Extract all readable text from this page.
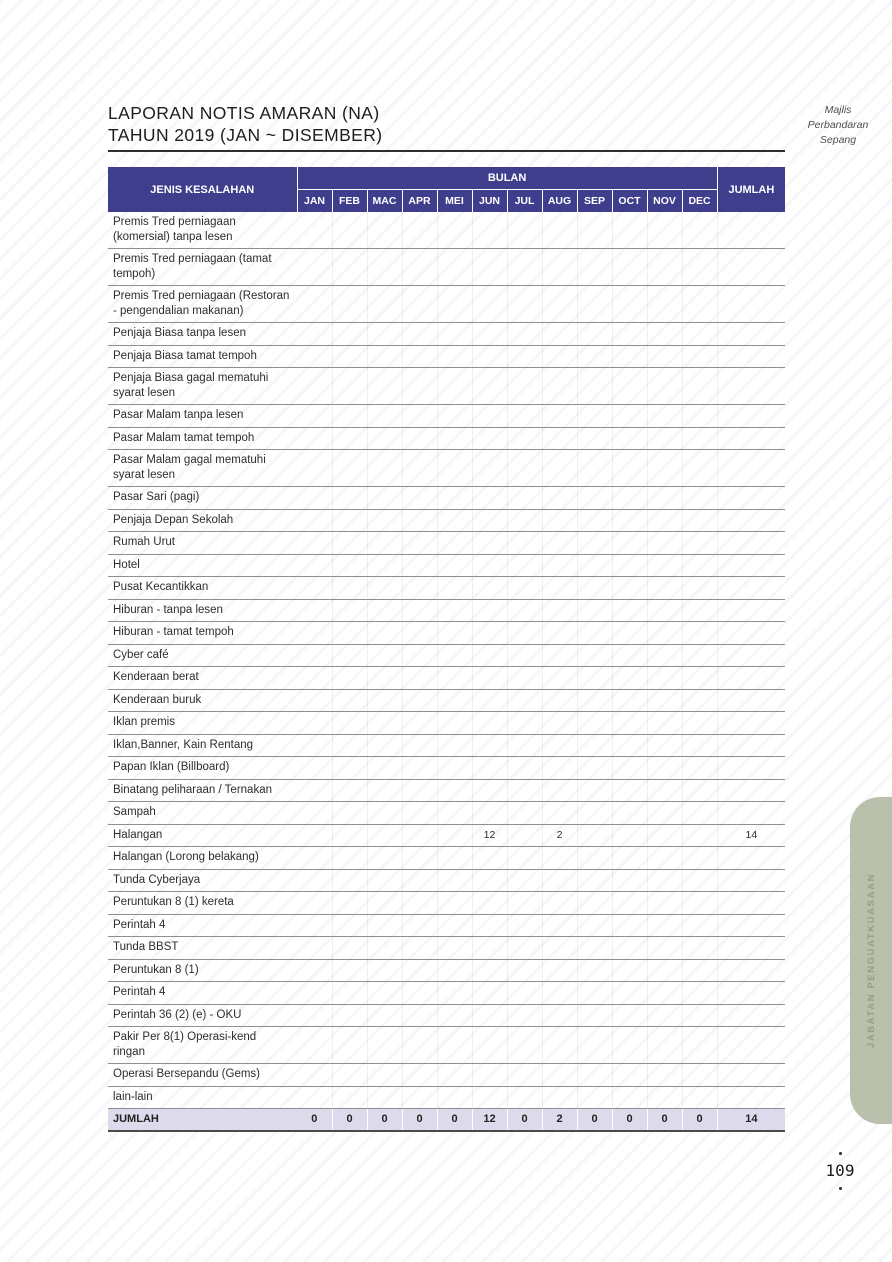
LAPORAN NOTIS AMARAN (NA)
TAHUN 2019 (JAN ~ DISEMBER)
Majlis Perbandaran Sepang
JENIS KESALAHAN	BULAN												JUMLAH
	JAN	FEB	MAC	APR	MEI	JUN	JUL	AUG	SEP	OCT	NOV	DEC	
Premis Tred perniagaan (komersial) tanpa lesen													
Premis Tred perniagaan (tamat tempoh)													
Premis Tred perniagaan (Restoran - pengendalian makanan)													
Penjaja Biasa tanpa lesen													
Penjaja Biasa tamat tempoh													
Penjaja Biasa gagal mematuhi syarat lesen													
Pasar Malam tanpa lesen													
Pasar Malam tamat tempoh													
Pasar Malam gagal mematuhi syarat lesen													
Pasar Sari (pagi)													
Penjaja Depan Sekolah													
Rumah Urut													
Hotel													
Pusat Kecantikkan													
Hiburan - tanpa lesen													
Hiburan - tamat tempoh													
Cyber café													
Kenderaan berat													
Kenderaan buruk													
Iklan premis													
Iklan,Banner, Kain Rentang													
Papan Iklan (Billboard)													
Binatang peliharaan / Ternakan													
Sampah													
Halangan						12		2					14
Halangan (Lorong belakang)													
Tunda Cyberjaya													
Peruntukan 8 (1) kereta													
Perintah 4													
Tunda BBST													
Peruntukan 8 (1)													
Perintah 4													
Perintah 36 (2) (e) - OKU													
Pakir Per 8(1) Operasi-kend ringan													
Operasi Bersepandu (Gems)													
lain-lain													
JUMLAH	0	0	0	0	0	12	0	2	0	0	0	0	14
JABATAN PENGUATKUASAAN
109
